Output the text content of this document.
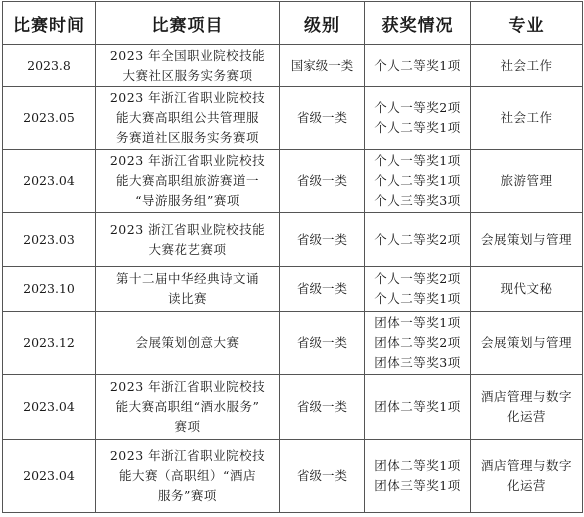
比赛时间	比赛项目	级别	获奖情况	专业
2023.8	2023 年全国职业院校技能
大赛社区服务实务赛项	国家级一类	个人二等奖1项	社会工作

2023.05	2023 年浙江省职业院校技
能大赛高职组公共管理服
务赛道社区服务实务赛项	省级一类	个人一等奖2项
个人二等奖1项	社会工作

2023.04	2023 年浙江省职业院校技
能大赛高职组旅游赛道一
“导游服务组”赛项	省级一类	个人一等奖1项
个人二等奖1项
个人三等奖3项	旅游管理

2023.03	2023 浙江省职业院校技能
大赛花艺赛项	省级一类	个人二等奖2项	会展策划与管理

2023.10	第十二届中华经典诗文诵
读比赛	省级一类	个人一等奖2项
个人二等奖1项	现代文秘

2023.12	会展策划创意大赛	省级一类	团体一等奖1项
团体二等奖2项
团体三等奖3项	会展策划与管理

2023.04	2023 年浙江省职业院校技
能大赛高职组“酒水服务”
赛项	省级一类	团体二等奖1项	酒店管理与数字
化运营

2023.04	2023 年浙江省职业院校技
能大赛（高职组）“酒店
服务”赛项	省级一类	团体二等奖1项
团体三等奖1项	酒店管理与数字
化运营
